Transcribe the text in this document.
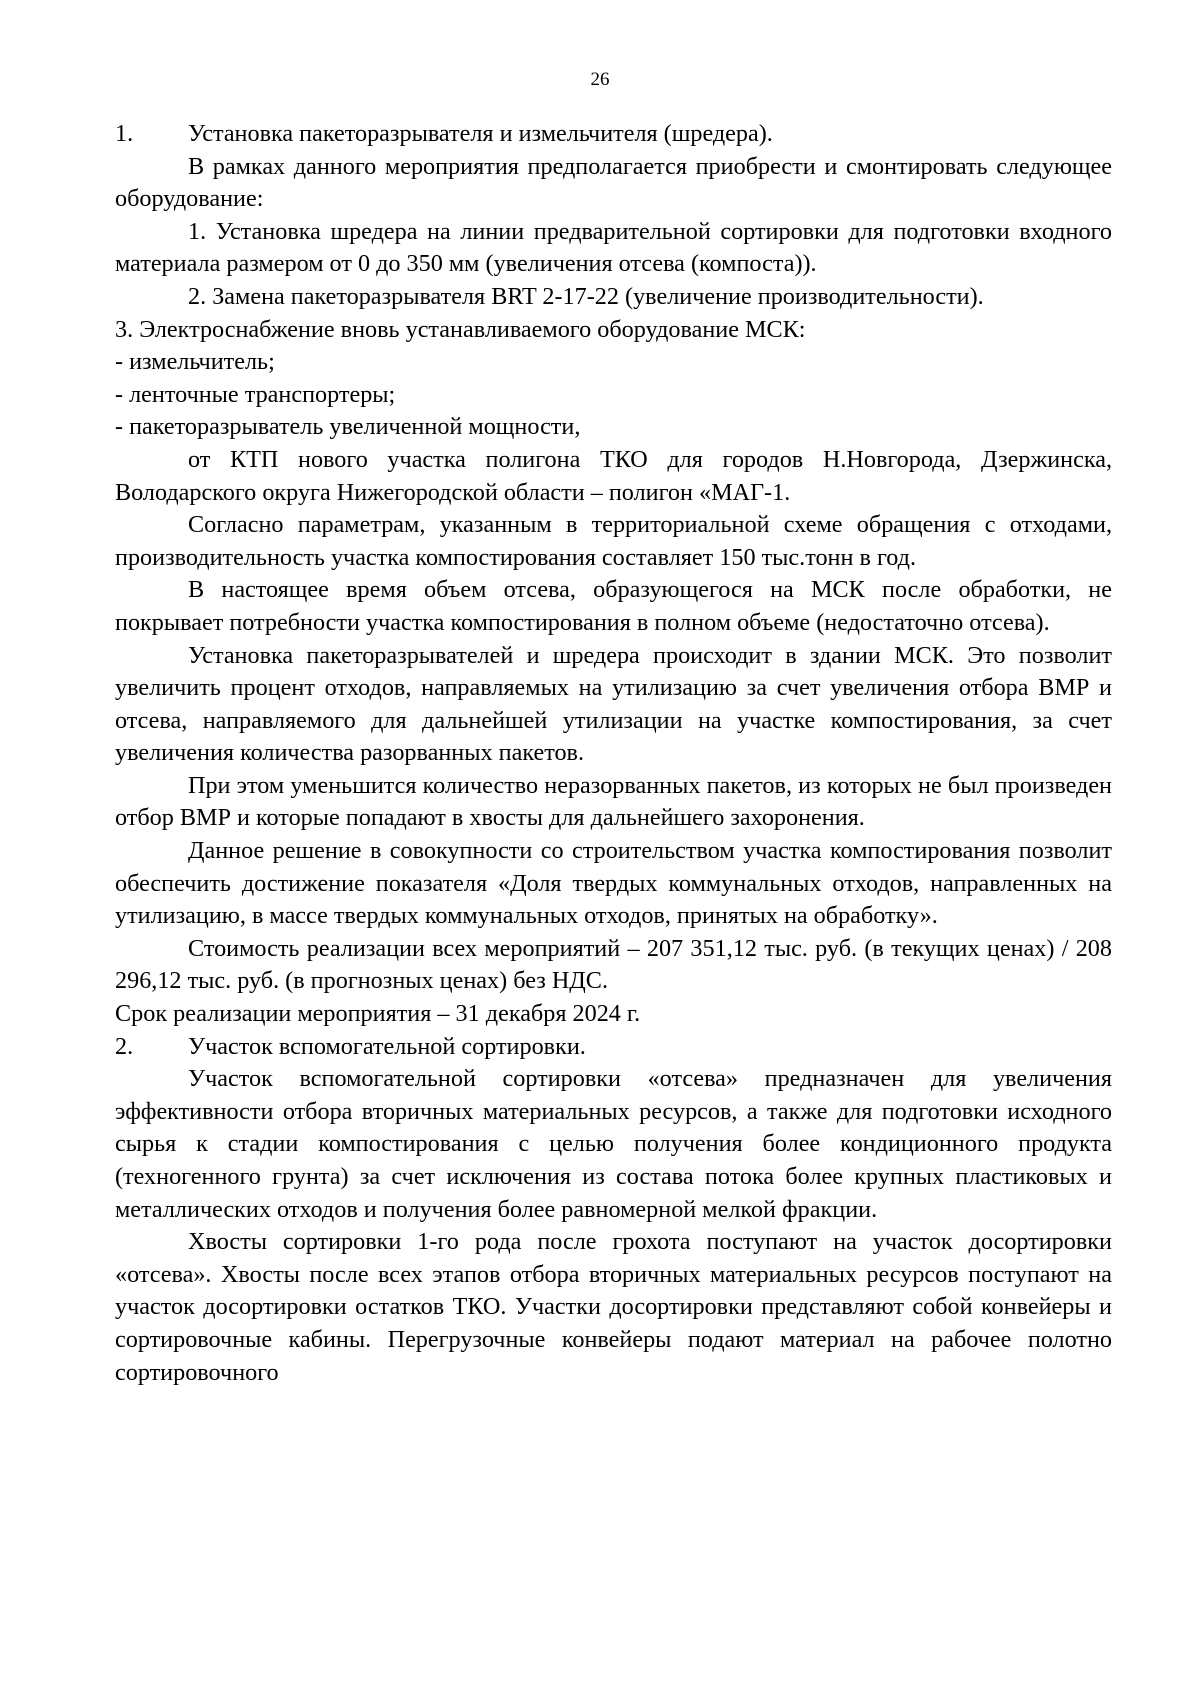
26

1.	Установка пакеторазрывателя и измельчителя (шредера).

В рамках данного мероприятия предполагается приобрести и смонтировать следующее оборудование:

1. Установка шредера на линии предварительной сортировки для подготовки входного материала размером от 0 до 350 мм (увеличения отсева (компоста)).

2. Замена пакеторазрывателя BRT 2-17-22 (увеличение производительности).

3. Электроснабжение вновь устанавливаемого оборудование МСК:

- измельчитель;

- ленточные транспортеры;

- пакеторазрыватель увеличенной мощности,

от КТП нового участка полигона ТКО для городов Н.Новгорода, Дзержинска, Володарского округа Нижегородской области – полигон «МАГ-1.

Согласно параметрам, указанным в территориальной схеме обращения с отходами, производительность участка компостирования составляет 150 тыс.тонн в год.

В настоящее время объем отсева, образующегося на МСК после обработки, не покрывает потребности участка компостирования в полном объеме (недостаточно отсева).

Установка пакеторазрывателей и шредера происходит в здании МСК. Это позволит увеличить процент отходов, направляемых на утилизацию за счет увеличения отбора ВМР и отсева, направляемого для дальнейшей утилизации на участке компостирования, за счет увеличения количества разорванных пакетов.

При этом уменьшится количество неразорванных пакетов, из которых не был произведен отбор ВМР и которые попадают в хвосты для дальнейшего захоронения.

Данное решение в совокупности со строительством участка компостирования позволит обеспечить достижение показателя «Доля твердых коммунальных отходов, направленных на утилизацию, в массе твердых коммунальных отходов, принятых на обработку».

Стоимость реализации всех мероприятий – 207 351,12 тыс. руб. (в текущих ценах) / 208 296,12 тыс. руб. (в прогнозных ценах) без НДС.

Срок реализации мероприятия – 31 декабря 2024 г.

2.	Участок вспомогательной сортировки.

Участок вспомогательной сортировки «отсева» предназначен для увеличения эффективности отбора вторичных материальных ресурсов, а также для подготовки исходного сырья к стадии компостирования с целью получения более кондиционного продукта (техногенного грунта) за счет исключения из состава потока более крупных пластиковых и металлических отходов и получения более равномерной мелкой фракции.

Хвосты сортировки 1-го рода после грохота поступают на участок досортировки «отсева». Хвосты после всех этапов отбора вторичных материальных ресурсов поступают на участок досортировки остатков ТКО. Участки досортировки представляют собой конвейеры и сортировочные кабины. Перегрузочные конвейеры подают материал на рабочее полотно сортировочного
